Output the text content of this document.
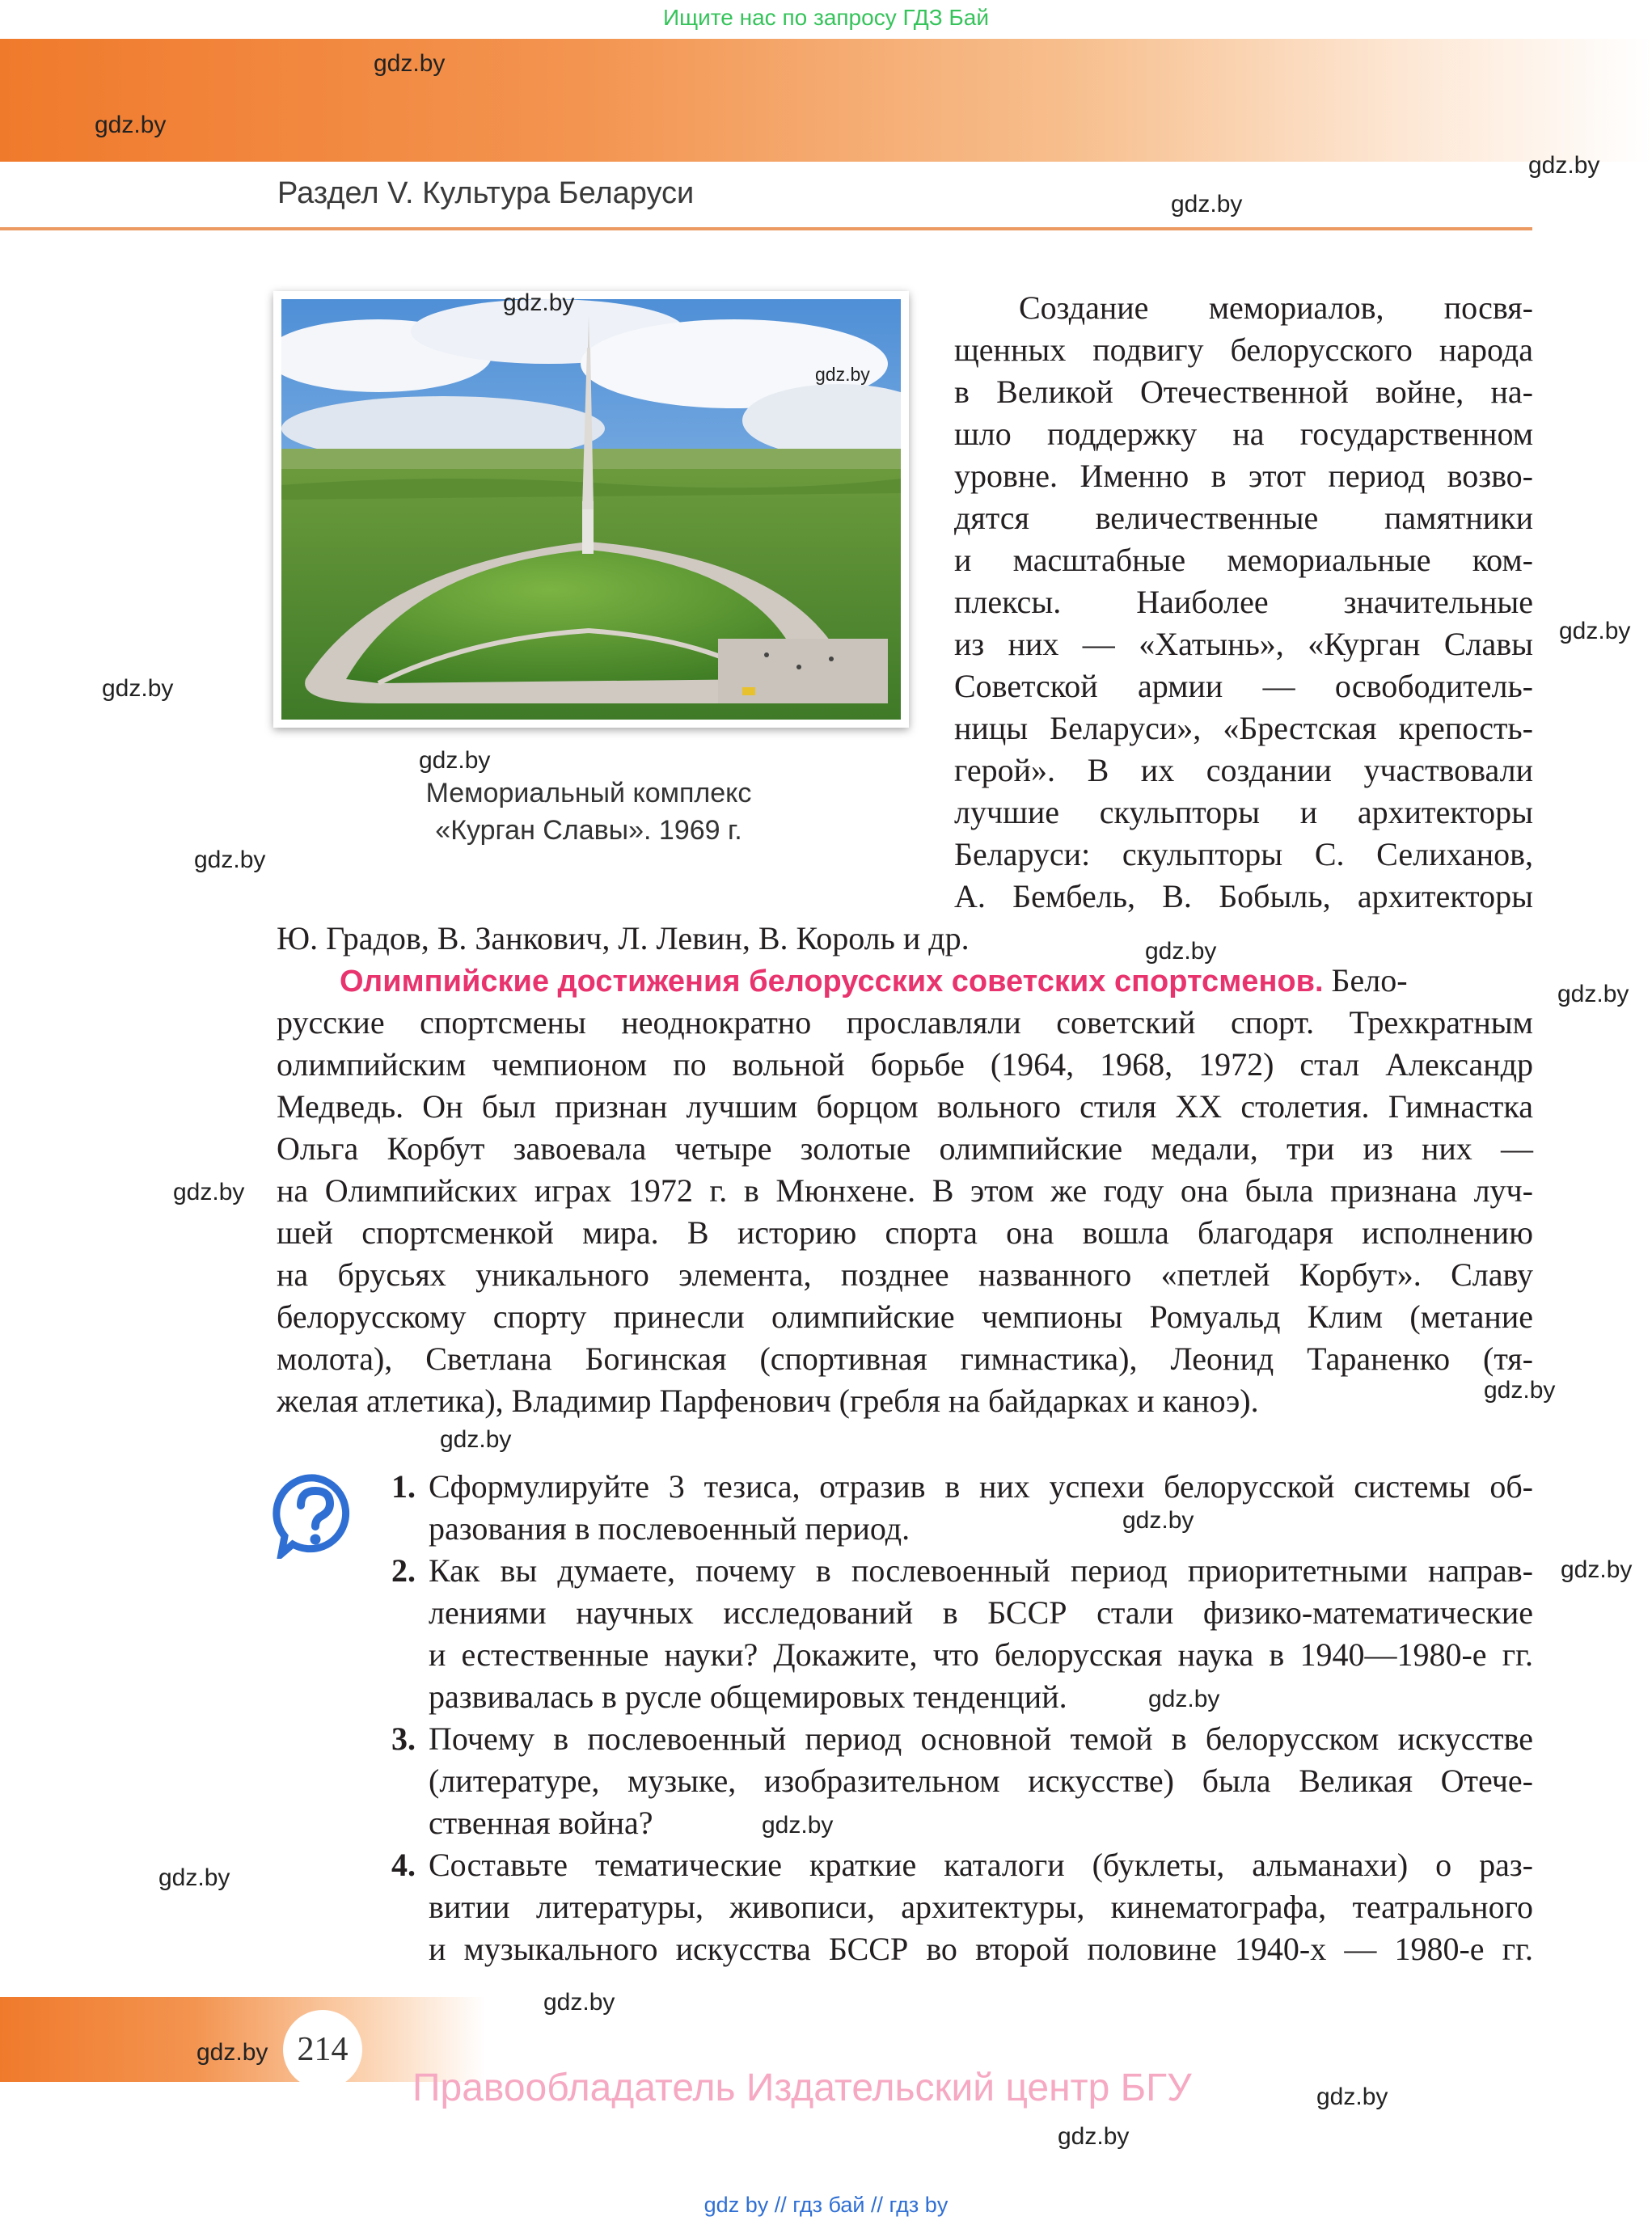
Ищите нас по запросу ГДЗ Бай
Раздел V. Культура Беларуси
Мемориальный комплекс
«Курган Славы». 1969 г.
Создание мемориалов, посвя-
щенных подвигу белорусского народа
в Великой Отечественной войне, на-
шло поддержку на государственном
уровне. Именно в этот период возво-
дятся величественные памятники
и масштабные мемориальные ком-
плексы. Наиболее значительные
из них — «Хатынь», «Курган Славы
Советской армии — освободитель-
ницы Беларуси», «Брестская крепость-
герой». В их создании участвовали
лучшие скульпторы и архитекторы
Беларуси: скульпторы С. Селиханов,
А. Бембель, В. Бобыль, архитекторы
Ю. Градов, В. Занкович, Л. Левин, В. Король и др.
Олимпийские достижения белорусских советских спортсменов. Бело-
русские спортсмены неоднократно прославляли советский спорт. Трехкратным
олимпийским чемпионом по вольной борьбе (1964, 1968, 1972) стал Александр
Медведь. Он был признан лучшим борцом вольного стиля XX столетия. Гимнастка
Ольга Корбут завоевала четыре золотые олимпийские медали, три из них —
на Олимпийских играх 1972 г. в Мюнхене. В этом же году она была признана луч-
шей спортсменкой мира. В историю спорта она вошла благодаря исполнению
на брусьях уникального элемента, позднее названного «петлей Корбут». Славу
белорусскому спорту принесли олимпийские чемпионы Ромуальд Клим (метание
молота), Светлана Богинская (спортивная гимнастика), Леонид Тараненко (тя-
желая атлетика), Владимир Парфенович (гребля на байдарках и каноэ).
1. Сформулируйте 3 тезиса, отразив в них успехи белорусской системы об-
разования в послевоенный период.
2. Как вы думаете, почему в послевоенный период приоритетными направ-
лениями научных исследований в БССР стали физико-математические
и естественные науки? Докажите, что белорусская наука в 1940—1980-е гг.
развивалась в русле общемировых тенденций.
3. Почему в послевоенный период основной темой в белорусском искусстве
(литературе, музыке, изобразительном искусстве) была Великая Отече-
ственная война?
4. Составьте тематические краткие каталоги (буклеты, альманахи) о раз-
витии литературы, живописи, архитектуры, кинематографа, театрального
и музыкального искусства БССР во второй половине 1940-х — 1980-е гг.
214
Правообладатель Издательский центр БГУ
gdz by // гдз бай // гдз by
gdz.by
gdz.by
gdz.by
gdz.by
gdz.by
gdz.by
gdz.by
gdz.by
gdz.by
gdz.by
gdz.by
gdz.by
gdz.by
gdz.by
gdz.by
gdz.by
gdz.by
gdz.by
gdz.by
gdz.by
gdz.by
gdz.by
gdz.by
gdz.by
